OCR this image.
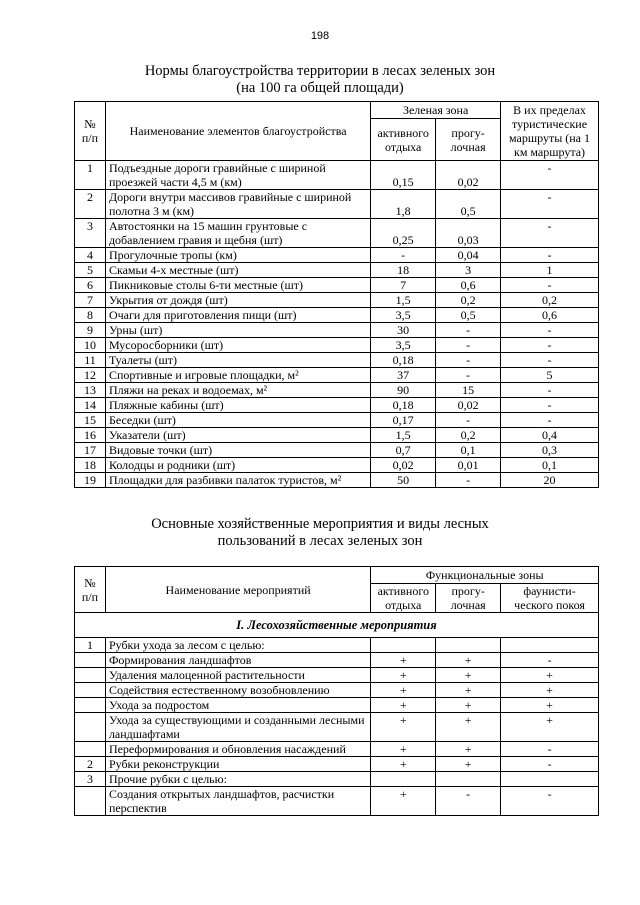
198
Нормы благоустройства территории в лесах зеленых зон
(на 100 га общей площади)
№ п/п	Наименование элементов благоустройства	Зеленая зона		В их пределах туристические маршруты (на 1 км маршрута)
		активного отдыха	прогу-лочная	
1	Подъездные дороги гравийные с шириной проезжей части 4,5 м (км)	0,15	0,02	-
2	Дороги внутри массивов гравийные с шириной полотна 3 м (км)	1,8	0,5	-
3	Автостоянки на 15 машин грунтовые с добавлением гравия и щебня (шт)	0,25	0,03	-
4	Прогулочные тропы (км)	-	0,04	-
5	Скамьи 4-х местные (шт)	18	3	1
6	Пикниковые столы 6-ти местные (шт)	7	0,6	-
7	Укрытия от дождя (шт)	1,5	0,2	0,2
8	Очаги для приготовления пищи (шт)	3,5	0,5	0,6
9	Урны (шт)	30	-	-
10	Мусоросборники (шт)	3,5	-	-
11	Туалеты (шт)	0,18	-	-
12	Спортивные и игровые площадки, м²	37	-	5
13	Пляжи на реках и водоемах, м²	90	15	-
14	Пляжные кабины (шт)	0,18	0,02	-
15	Беседки (шт)	0,17	-	-
16	Указатели (шт)	1,5	0,2	0,4
17	Видовые точки (шт)	0,7	0,1	0,3
18	Колодцы и родники (шт)	0,02	0,01	0,1
19	Площадки для разбивки палаток туристов, м²	50	-	20
Основные хозяйственные мероприятия и виды лесных
пользований в лесах зеленых зон
№ п/п	Наименование мероприятий	Функциональные зоны		
		активного отдыха	прогу-лочная	фаунисти-ческого покоя
I. Лесохозяйственные мероприятия				
1	Рубки ухода за лесом с целью:			
	Формирования ландшафтов	+	+	-
	Удаления малоценной растительности	+	+	+
	Содействия естественному возобновлению	+	+	+
	Ухода за подростом	+	+	+
	Ухода за существующими и созданными лесными ландшафтами	+	+	+
	Переформирования и обновления насаждений	+	+	-
2	Рубки реконструкции	+	+	-
3	Прочие рубки с целью:			
	Создания открытых ландшафтов, расчистки перспектив	+	-	-
